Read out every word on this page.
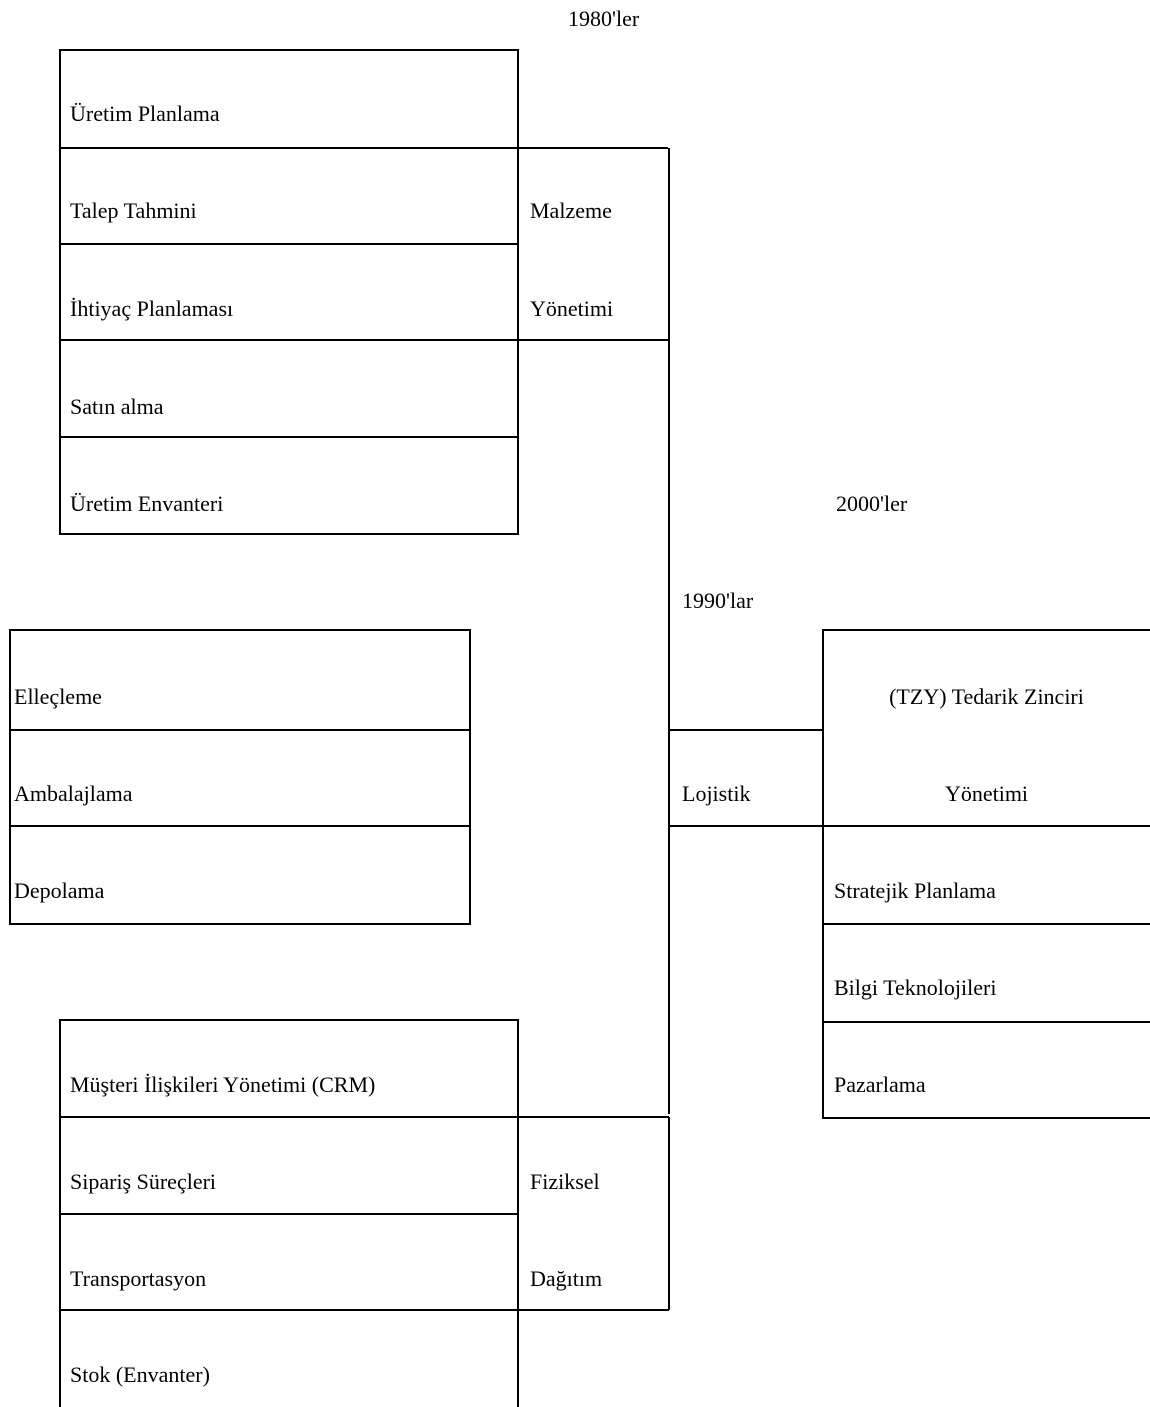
1980'ler
1990'lar
2000'ler
Üretim Planlama
Talep Tahmini
İhtiyaç Planlaması
Satın alma
Üretim Envanteri
Malzeme
Yönetimi
Elleçleme
Ambalajlama
Depolama
Lojistik
(TZY) Tedarik Zinciri
Yönetimi
Stratejik Planlama
Bilgi Teknolojileri
Pazarlama
Müşteri İlişkileri Yönetimi (CRM)
Sipariş Süreçleri
Transportasyon
Stok (Envanter)
Fiziksel
Dağıtım
